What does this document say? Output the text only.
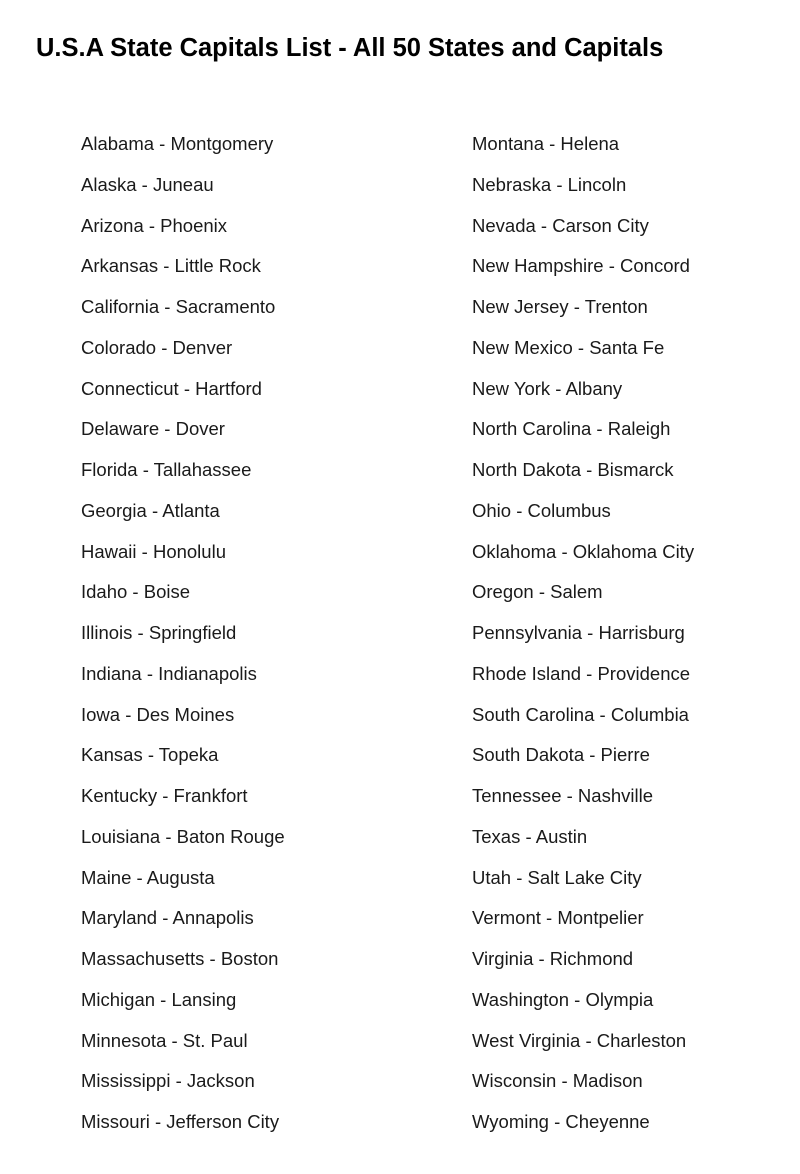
U.S.A State Capitals List - All 50 States and Capitals
Alabama - Montgomery
Alaska - Juneau
Arizona - Phoenix
Arkansas - Little Rock
California - Sacramento
Colorado - Denver
Connecticut - Hartford
Delaware - Dover
Florida - Tallahassee
Georgia - Atlanta
Hawaii - Honolulu
Idaho - Boise
Illinois - Springfield
Indiana - Indianapolis
Iowa - Des Moines
Kansas - Topeka
Kentucky - Frankfort
Louisiana - Baton Rouge
Maine - Augusta
Maryland - Annapolis
Massachusetts - Boston
Michigan - Lansing
Minnesota - St. Paul
Mississippi - Jackson
Missouri - Jefferson City
Montana - Helena
Nebraska - Lincoln
Nevada - Carson City
New Hampshire - Concord
New Jersey - Trenton
New Mexico - Santa Fe
New York - Albany
North Carolina - Raleigh
North Dakota - Bismarck
Ohio - Columbus
Oklahoma - Oklahoma City
Oregon - Salem
Pennsylvania - Harrisburg
Rhode Island - Providence
South Carolina - Columbia
South Dakota - Pierre
Tennessee - Nashville
Texas - Austin
Utah - Salt Lake City
Vermont - Montpelier
Virginia - Richmond
Washington - Olympia
West Virginia - Charleston
Wisconsin - Madison
Wyoming - Cheyenne
